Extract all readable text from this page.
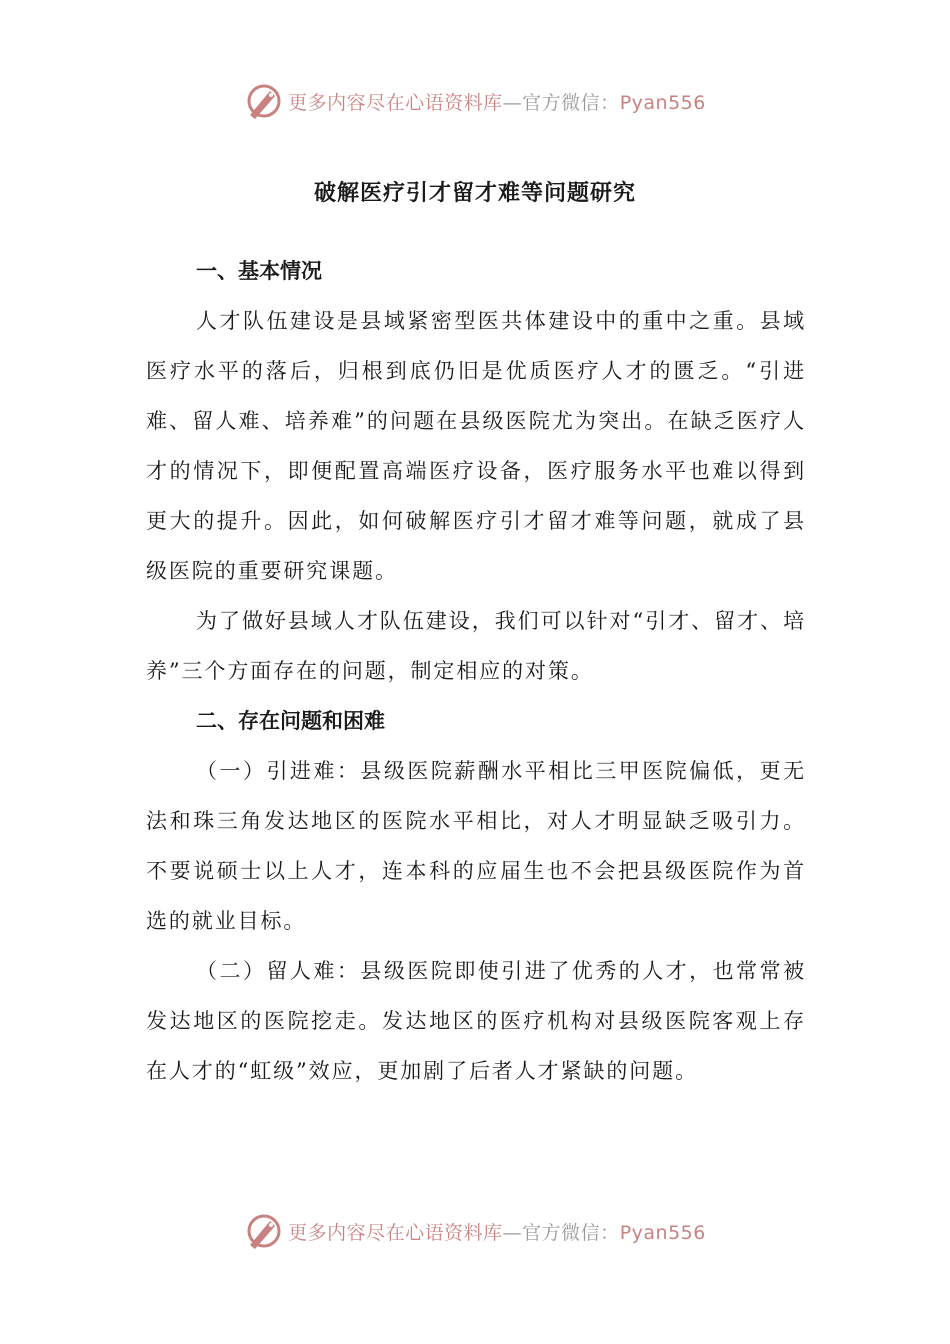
更多内容尽在心语资料库—官方微信：Pyan556
破解医疗引才留才难等问题研究

一、基本情况

人才队伍建设是县域紧密型医共体建设中的重中之重。县域医疗水平的落后，归根到底仍旧是优质医疗人才的匮乏。“引进难、留人难、培养难”的问题在县级医院尤为突出。在缺乏医疗人才的情况下，即便配置高端医疗设备，医疗服务水平也难以得到更大的提升。因此，如何破解医疗引才留才难等问题，就成了县级医院的重要研究课题。

为了做好县域人才队伍建设，我们可以针对“引才、留才、培养”三个方面存在的问题，制定相应的对策。

二、存在问题和困难

（一）引进难：县级医院薪酬水平相比三甲医院偏低，更无法和珠三角发达地区的医院水平相比，对人才明显缺乏吸引力。不要说硕士以上人才，连本科的应届生也不会把县级医院作为首选的就业目标。

（二）留人难：县级医院即使引进了优秀的人才，也常常被发达地区的医院挖走。发达地区的医疗机构对县级医院客观上存在人才的“虹级”效应，更加剧了后者人才紧缺的问题。

更多内容尽在心语资料库—官方微信：Pyan556
